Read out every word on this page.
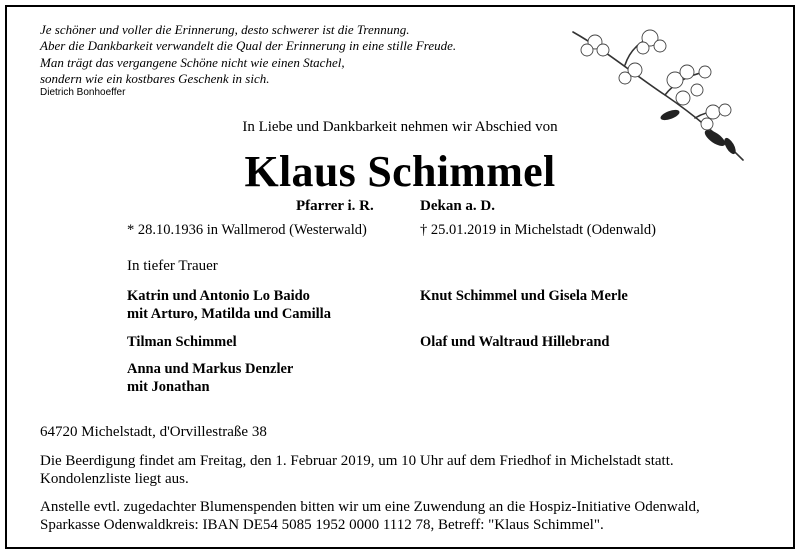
Je schöner und voller die Erinnerung, desto schwerer ist die Trennung.
Aber die Dankbarkeit verwandelt die Qual der Erinnerung in eine stille Freude.
Man trägt das vergangene Schöne nicht wie einen Stachel,
sondern wie ein kostbares Geschenk in sich.
Dietrich Bonhoeffer
In Liebe und Dankbarkeit nehmen wir Abschied von
Klaus Schimmel
Pfarrer i. R.	Dekan a. D.
* 28.10.1936 in Wallmerod (Westerwald)	† 25.01.2019 in Michelstadt (Odenwald)
In tiefer Trauer
Katrin und Antonio Lo Baido
mit Arturo, Matilda und Camilla
Tilman Schimmel
Anna und Markus Denzler
mit Jonathan
Knut Schimmel und Gisela Merle
Olaf und Waltraud Hillebrand
64720 Michelstadt, d'Orvillestraße 38
Die Beerdigung findet am Freitag, den 1. Februar 2019, um 10 Uhr auf dem Friedhof in Michelstadt statt.
Kondolenzliste liegt aus.
Anstelle evtl. zugedachter Blumenspenden bitten wir um eine Zuwendung an die Hospiz-Initiative Odenwald,
Sparkasse Odenwaldkreis: IBAN DE54 5085 1952 0000 1112 78, Betreff: "Klaus Schimmel".
